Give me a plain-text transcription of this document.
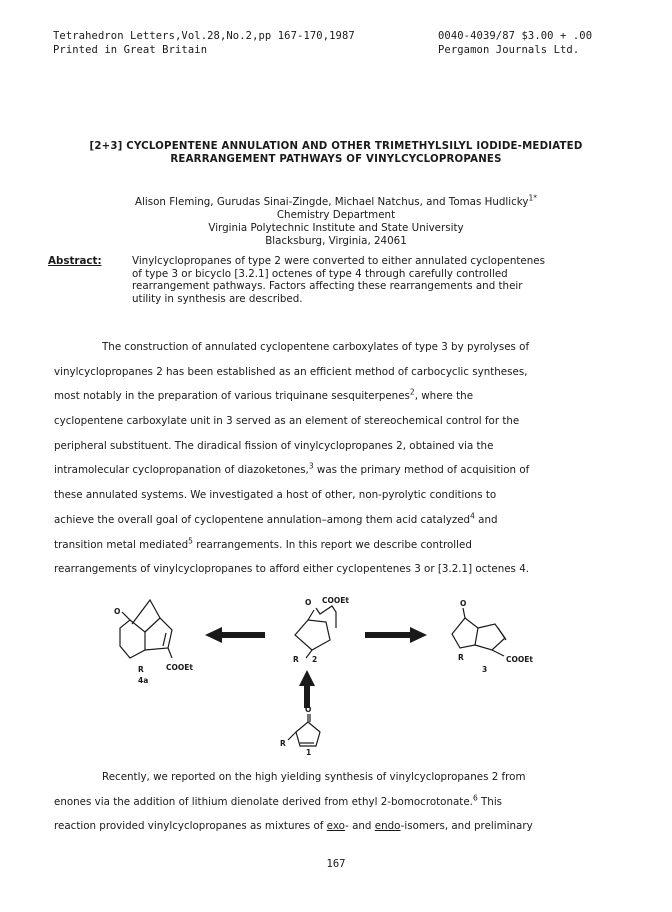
Tetrahedron Letters,Vol.28,No.2,pp 167-170,1987
Printed in Great Britain
0040-4039/87 $3.00 + .00
Pergamon Journals Ltd.
[2+3] CYCLOPENTENE ANNULATION AND OTHER TRIMETHYLSILYL IODIDE-MEDIATED
REARRANGEMENT PATHWAYS OF VINYLCYCLOPROPANES
Alison Fleming, Gurudas Sinai-Zingde, Michael Natchus, and Tomas Hudlicky$^{1*}$
Chemistry Department
Virginia Polytechnic Institute and State University
Blacksburg, Virginia, 24061
Abstract:	Vinylcyclopropanes of type 2 were converted to either annulated cyclopentenes
of type 3 or bicyclo [3.2.1] octenes of type 4 through carefully controlled
rearrangement pathways. Factors affecting these rearrangements and their
utility in synthesis are described.
The construction of annulated cyclopentene carboxylates of type 3 by pyrolyses of
vinylcyclopropanes 2 has been established as an efficient method of carbocyclic syntheses,
most notably in the preparation of various triquinane sesquiterpenes$^2$, where the
cyclopentene carboxylate unit in 3 served as an element of stereochemical control for the
peripheral substituent. The diradical fission of vinylcyclopropanes 2, obtained via the
intramolecular cyclopropanation of diazoketones,$^3$ was the primary method of acquisition of
these annulated systems. We investigated a host of other, non-pyrolytic conditions to
achieve the overall goal of cyclopentene annulation–among them acid catalyzed$^4$ and
transition metal mediated$^5$ rearrangements. In this report we describe controlled
rearrangements of vinylcyclopropanes to afford either cyclopentenes 3 or [3.2.1] octenes 4.
O
R	COOEt
4a
O COOEt
R 2
O
R	COOEt
3
O
R
1
Recently, we reported on the high yielding synthesis of vinylcyclopropanes 2 from
enones via the addition of lithium dienolate derived from ethyl 2-bomocrotonate.$^6$ This
reaction provided vinylcyclopropanes as mixtures of exo- and endo-isomers, and preliminary
167
